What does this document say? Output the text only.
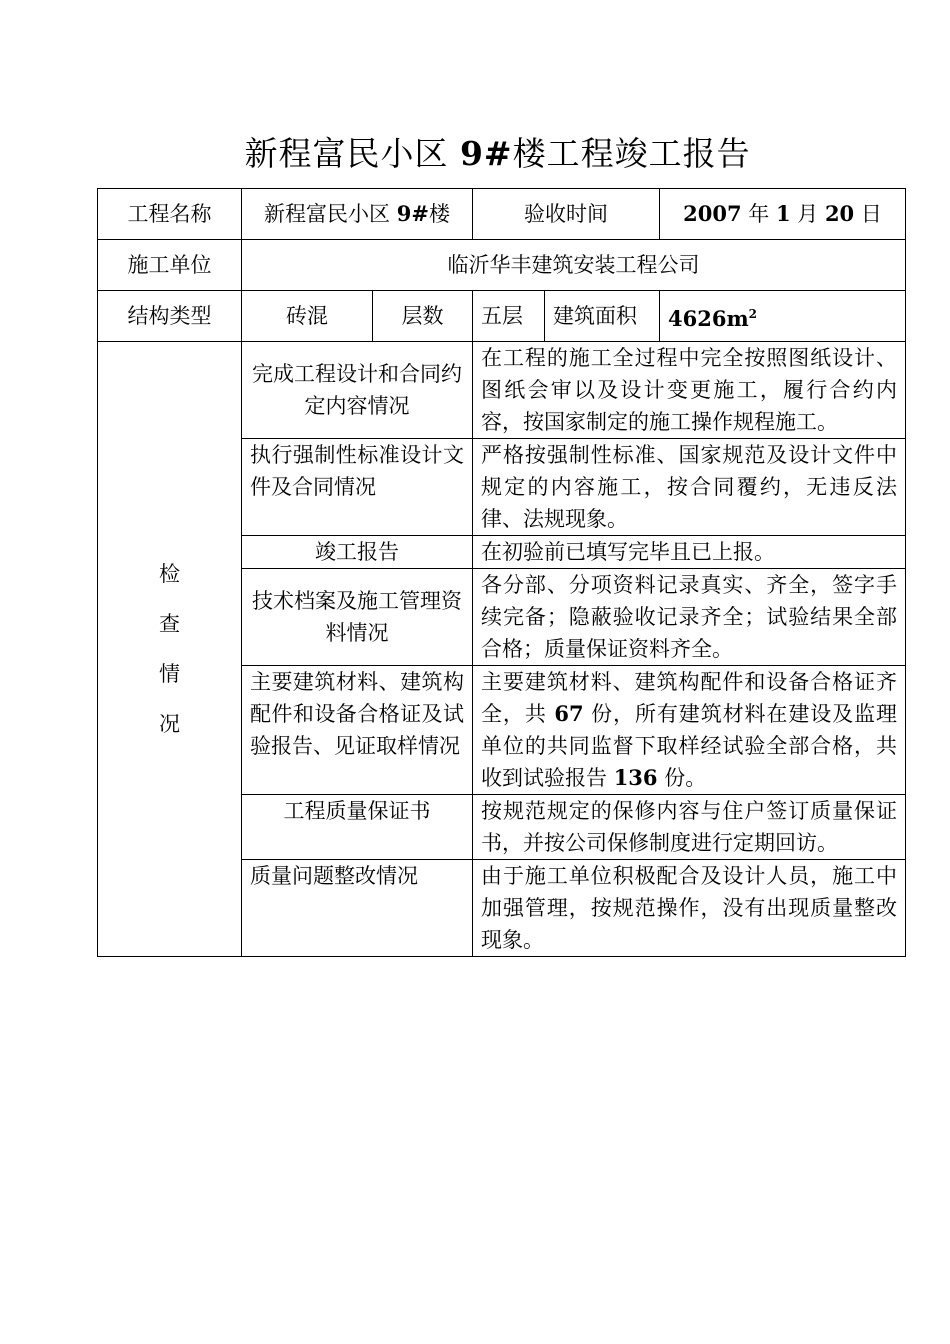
新程富民小区 9#楼工程竣工报告
工程名称	新程富民小区 9#楼		验收时间		2007 年 1 月 20 日
施工单位	临沂华丰建筑安装工程公司				
结构类型	砖混	层数	五层	建筑面积	$4626m^2$

检
查
情
况	完成工程设计和合同约定内容情况		在工程的施工全过程中完全按照图纸设计、图纸会审以及设计变更施工，履行合约内容，按国家制定的施工操作规程施工。		
	执行强制性标准设计文件及合同情况		严格按强制性标准、国家规范及设计文件中规定的内容施工，按合同覆约，无违反法律、法规现象。		
	竣工报告		在初验前已填写完毕且已上报。		
	技术档案及施工管理资料情况		各分部、分项资料记录真实、齐全，签字手续完备；隐蔽验收记录齐全；试验结果全部合格；质量保证资料齐全。		
	主要建筑材料、建筑构配件和设备合格证及试验报告、见证取样情况		主要建筑材料、建筑构配件和设备合格证齐全，共 67 份，所有建筑材料在建设及监理单位的共同监督下取样经试验全部合格，共收到试验报告 136 份。		
	工程质量保证书		按规范规定的保修内容与住户签订质量保证书，并按公司保修制度进行定期回访。		
	质量问题整改情况		由于施工单位积极配合及设计人员，施工中加强管理，按规范操作，没有出现质量整改现象。		
